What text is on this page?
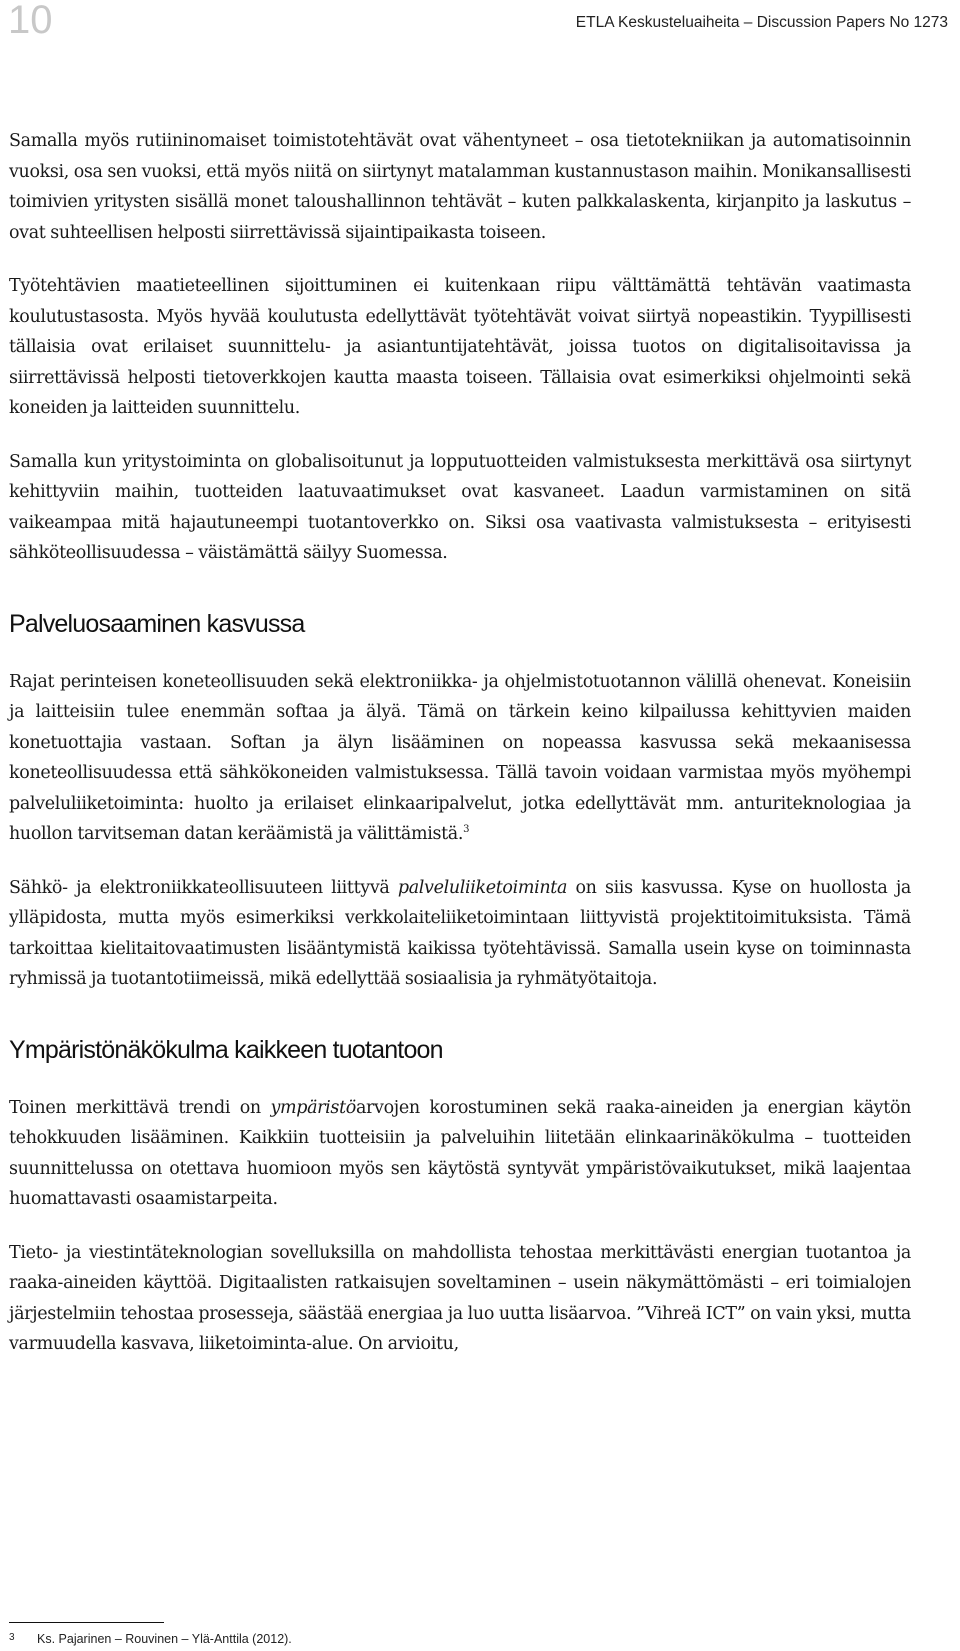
10	ETLA Keskusteluaiheita – Discussion Papers No 1273

Samalla myös rutiininomaiset toimistotehtävät ovat vähentyneet – osa tietotekniikan ja automatisoinnin vuoksi, osa sen vuoksi, että myös niitä on siirtynyt matalamman kustannustason maihin. Monikansallisesti toimivien yritysten sisällä monet taloushallinnon tehtävät – kuten palkkalaskenta, kirjanpito ja laskutus – ovat suhteellisen helposti siirrettävissä sijaintipaikasta toiseen.

Työtehtävien maatieteellinen sijoittuminen ei kuitenkaan riipu välttämättä tehtävän vaatimasta koulutustasosta. Myös hyvää koulutusta edellyttävät työtehtävät voivat siirtyä nopeastikin. Tyypillisesti tällaisia ovat erilaiset suunnittelu- ja asiantuntijatehtävät, joissa tuotos on digitalisoitavissa ja siirrettävissä helposti tietoverkkojen kautta maasta toiseen. Tällaisia ovat esimerkiksi ohjelmointi sekä koneiden ja laitteiden suunnittelu.

Samalla kun yritystoiminta on globalisoitunut ja lopputuotteiden valmistuksesta merkittävä osa siirtynyt kehittyviin maihin, tuotteiden laatuvaatimukset ovat kasvaneet. Laadun varmistaminen on sitä vaikeampaa mitä hajautuneempi tuotantoverkko on. Siksi osa vaativasta valmistuksesta – erityisesti sähköteollisuudessa – väistämättä säilyy Suomessa.

Palveluosaaminen kasvussa

Rajat perinteisen koneteollisuuden sekä elektroniikka- ja ohjelmistotuotannon välillä ohenevat. Koneisiin ja laitteisiin tulee enemmän softaa ja älyä. Tämä on tärkein keino kilpailussa kehittyvien maiden konetuottajia vastaan. Softan ja älyn lisääminen on nopeassa kasvussa sekä mekaanisessa koneteollisuudessa että sähkökoneiden valmistuksessa. Tällä tavoin voidaan varmistaa myös myöhempi palveluliiketoiminta: huolto ja erilaiset elinkaaripalvelut, jotka edellyttävät mm. anturiteknologiaa ja huollon tarvitseman datan keräämistä ja välittämistä.$^3$

Sähkö- ja elektroniikkateollisuuteen liittyvä palveluliiketoiminta on siis kasvussa. Kyse on huollosta ja ylläpidosta, mutta myös esimerkiksi verkkolaiteliiketoimintaan liittyvistä projektitoimituksista. Tämä tarkoittaa kielitaitovaatimusten lisääntymistä kaikissa työtehtävissä. Samalla usein kyse on toiminnasta ryhmissä ja tuotantotiimeissä, mikä edellyttää sosiaalisia ja ryhmätyötaitoja.

Ympäristönäkökulma kaikkeen tuotantoon

Toinen merkittävä trendi on ympäristöarvojen korostuminen sekä raaka-aineiden ja energian käytön tehokkuuden lisääminen. Kaikkiin tuotteisiin ja palveluihin liitetään elinkaarinäkökulma – tuotteiden suunnittelussa on otettava huomioon myös sen käytöstä syntyvät ympäristövaikutukset, mikä laajentaa huomattavasti osaamistarpeita.

Tieto- ja viestintäteknologian sovelluksilla on mahdollista tehostaa merkittävästi energian tuotantoa ja raaka-aineiden käyttöä. Digitaalisten ratkaisujen soveltaminen – usein näkymättömästi – eri toimialojen järjestelmiin tehostaa prosesseja, säästää energiaa ja luo uutta lisäarvoa. ”Vihreä ICT” on vain yksi, mutta varmuudella kasvava, liiketoiminta-alue. On arvioitu,

3 Ks. Pajarinen – Rouvinen – Ylä-Anttila (2012).
